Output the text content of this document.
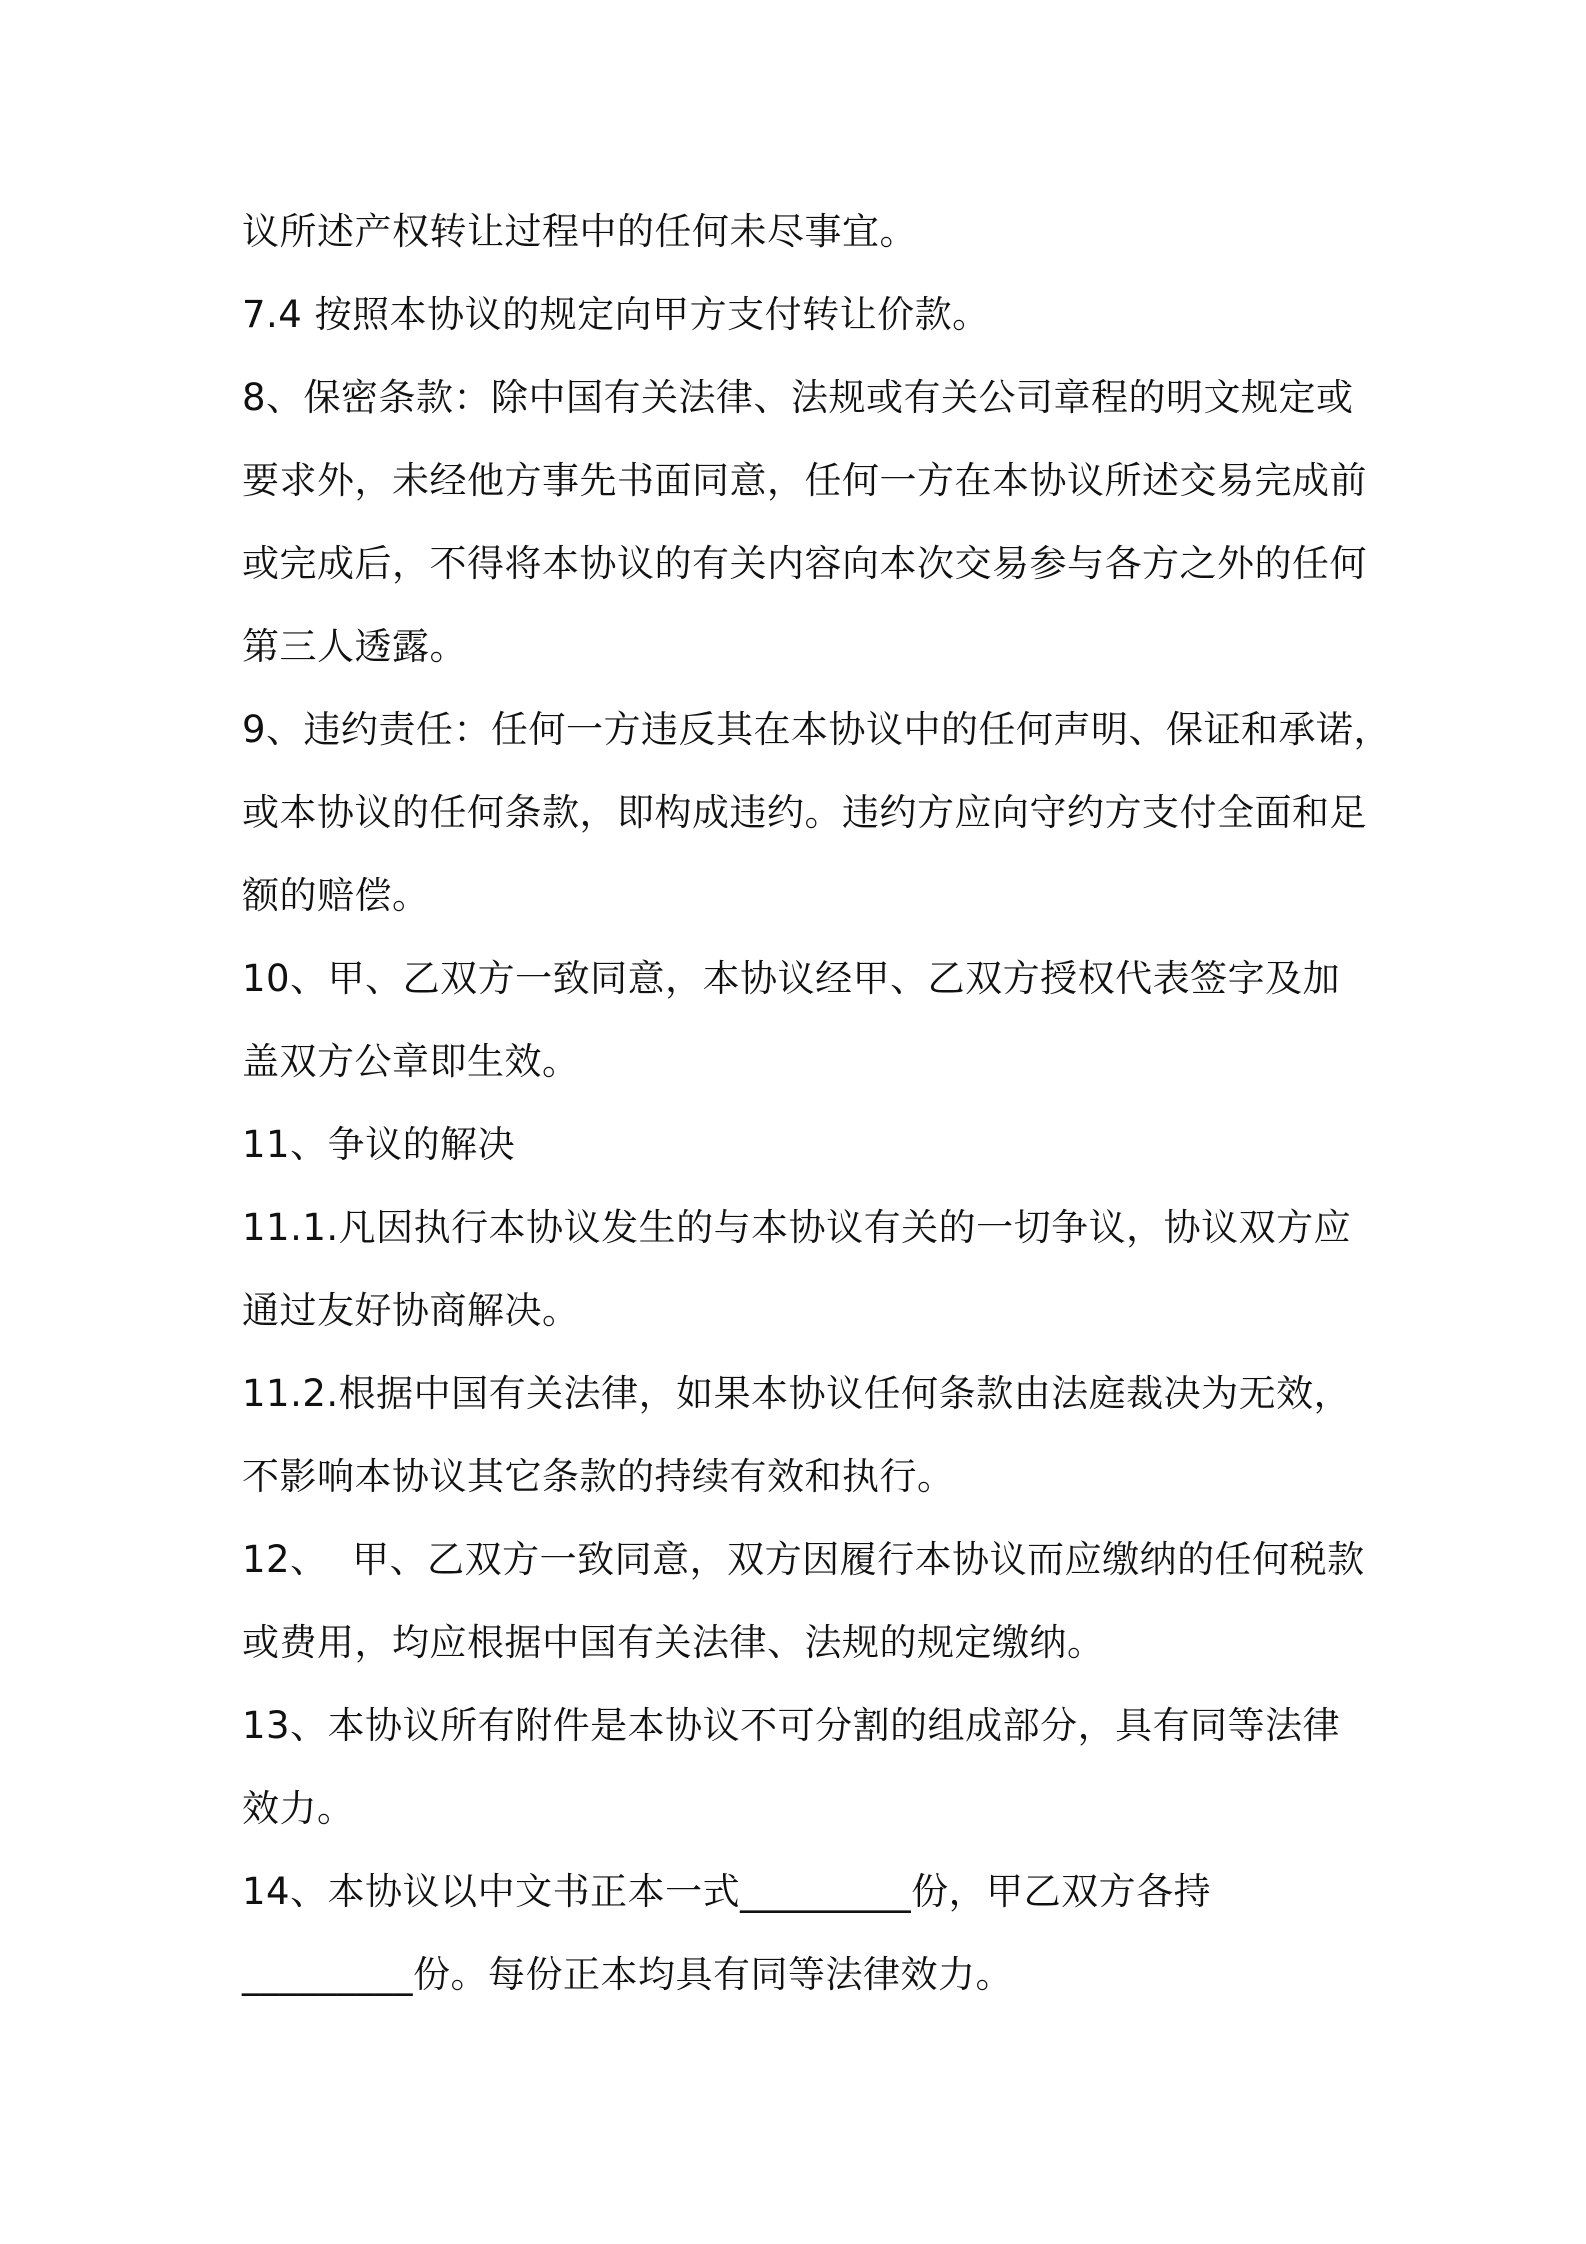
议所述产权转让过程中的任何未尽事宜。
7.4 按照本协议的规定向甲方支付转让价款。
8、保密条款：除中国有关法律、法规或有关公司章程的明文规定或
要求外，未经他方事先书面同意，任何一方在本协议所述交易完成前
或完成后，不得将本协议的有关内容向本次交易参与各方之外的任何
第三人透露。
9、违约责任：任何一方违反其在本协议中的任何声明、保证和承诺，
或本协议的任何条款，即构成违约。违约方应向守约方支付全面和足
额的赔偿。
10、甲、乙双方一致同意，本协议经甲、乙双方授权代表签字及加
盖双方公章即生效。
11、争议的解决
11.1.凡因执行本协议发生的与本协议有关的一切争议，协议双方应
通过友好协商解决。
11.2.根据中国有关法律，如果本协议任何条款由法庭裁决为无效，
不影响本协议其它条款的持续有效和执行。
12、  甲、乙双方一致同意，双方因履行本协议而应缴纳的任何税款
或费用，均应根据中国有关法律、法规的规定缴纳。
13、本协议所有附件是本协议不可分割的组成部分，具有同等法律
效力。
14、本协议以中文书正本一式_________份，甲乙双方各持
_________份。每份正本均具有同等法律效力。
